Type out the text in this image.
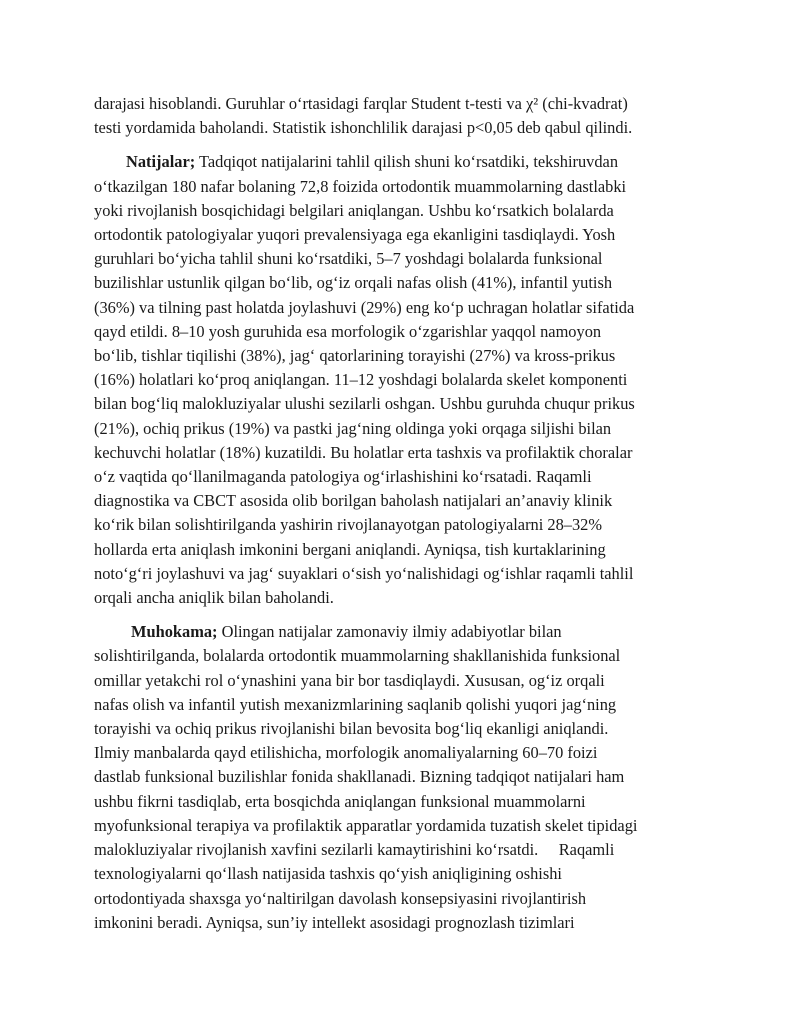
darajasi hisoblandi. Guruhlar o‘rtasidagi farqlar Student t-testi va χ² (chi-kvadrat)
testi yordamida baholandi. Statistik ishonchlilik darajasi p<0,05 deb qabul qilindi.

Natijalar; Tadqiqot natijalarini tahlil qilish shuni ko‘rsatdiki, tekshiruvdan
o‘tkazilgan 180 nafar bolaning 72,8 foizida ortodontik muammolarning dastlabki
yoki rivojlanish bosqichidagi belgilari aniqlangan. Ushbu ko‘rsatkich bolalarda
ortodontik patologiyalar yuqori prevalensiyaga ega ekanligini tasdiqlaydi. Yosh
guruhlari bo‘yicha tahlil shuni ko‘rsatdiki, 5–7 yoshdagi bolalarda funksional
buzilishlar ustunlik qilgan bo‘lib, og‘iz orqali nafas olish (41%), infantil yutish
(36%) va tilning past holatda joylashuvi (29%) eng ko‘p uchragan holatlar sifatida
qayd etildi. 8–10 yosh guruhida esa morfologik o‘zgarishlar yaqqol namoyon
bo‘lib, tishlar tiqilishi (38%), jag‘ qatorlarining torayishi (27%) va kross-prikus
(16%) holatlari ko‘proq aniqlangan. 11–12 yoshdagi bolalarda skelet komponenti
bilan bog‘liq malokluziyalar ulushi sezilarli oshgan. Ushbu guruhda chuqur prikus
(21%), ochiq prikus (19%) va pastki jag‘ning oldinga yoki orqaga siljishi bilan
kechuvchi holatlar (18%) kuzatildi. Bu holatlar erta tashxis va profilaktik choralar
o‘z vaqtida qo‘llanilmaganda patologiya og‘irlashishini ko‘rsatadi. Raqamli
diagnostika va CBCT asosida olib borilgan baholash natijalari an’anaviy klinik
ko‘rik bilan solishtirilganda yashirin rivojlanayotgan patologiyalarni 28–32%
hollarda erta aniqlash imkonini bergani aniqlandi. Ayniqsa, tish kurtaklarining
noto‘g‘ri joylashuvi va jag‘ suyaklari o‘sish yo‘nalishidagi og‘ishlar raqamli tahlil
orqali ancha aniqlik bilan baholandi.

Muhokama; Olingan natijalar zamonaviy ilmiy adabiyotlar bilan
solishtirilganda, bolalarda ortodontik muammolarning shakllanishida funksional
omillar yetakchi rol o‘ynashini yana bir bor tasdiqlaydi. Xususan, og‘iz orqali
nafas olish va infantil yutish mexanizmlarining saqlanib qolishi yuqori jag‘ning
torayishi va ochiq prikus rivojlanishi bilan bevosita bog‘liq ekanligi aniqlandi.
Ilmiy manbalarda qayd etilishicha, morfologik anomaliyalarning 60–70 foizi
dastlab funksional buzilishlar fonida shakllanadi. Bizning tadqiqot natijalari ham
ushbu fikrni tasdiqlab, erta bosqichda aniqlangan funksional muammolarni
myofunksional terapiya va profilaktik apparatlar yordamida tuzatish skelet tipidagi
malokluziyalar rivojlanish xavfini sezilarli kamaytirishini ko‘rsatdi.     Raqamli
texnologiyalarni qo‘llash natijasida tashxis qo‘yish aniqligining oshishi
ortodontiyada shaxsga yo‘naltirilgan davolash konsepsiyasini rivojlantirish
imkonini beradi. Ayniqsa, sun’iy intellekt asosidagi prognozlash tizimlari
